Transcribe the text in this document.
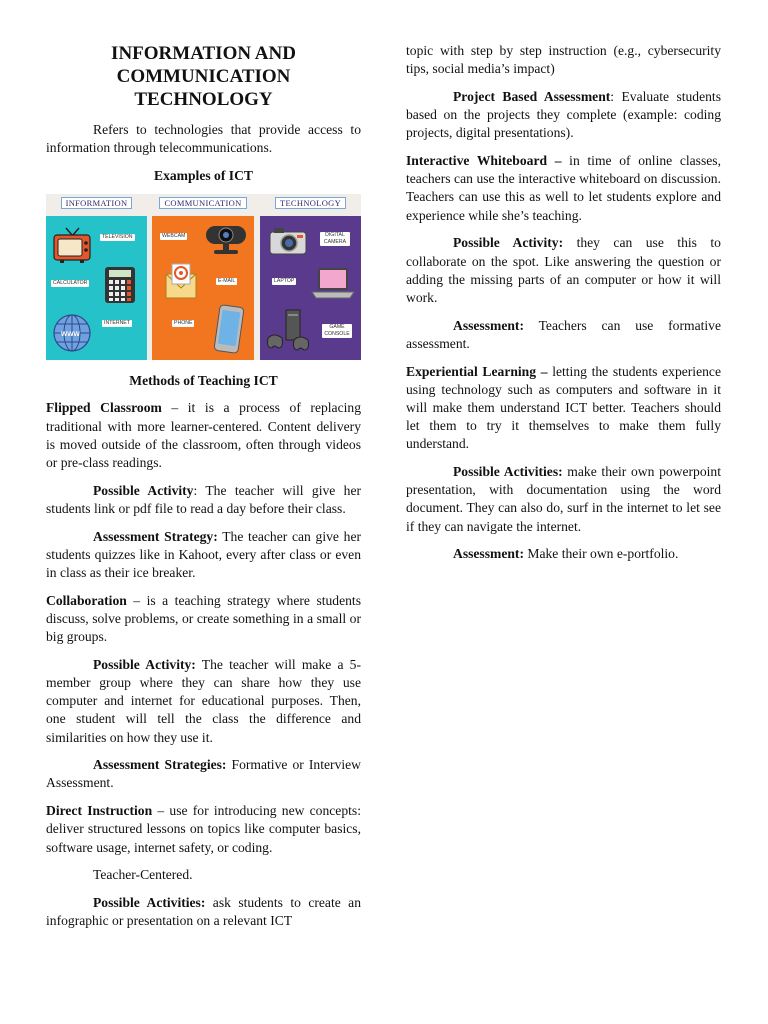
INFORMATION AND COMMUNICATION TECHNOLOGY

Refers to technologies that provide access to information through telecommunications.

Examples of ICT
INFORMATION	COMMUNICATION	TECHNOLOGY
TELEVISION
CALCULATOR
www
INTERNET
WEBCAM
E-MAIL
PHONE
DIGITAL CAMERA
LAPTOP
GAME CONSOLE
Methods of Teaching ICT

Flipped Classroom – it is a process of replacing traditional with more learner-centered. Content delivery is moved outside of the classroom, often through videos or pre-class readings.

Possible Activity: The teacher will give her students link or pdf file to read a day before their class.

Assessment Strategy: The teacher can give her students quizzes like in Kahoot, every after class or even in class as their ice breaker.

Collaboration – is a teaching strategy where students discuss, solve problems, or create something in a small or big groups.

Possible Activity: The teacher will make a 5-member group where they can share how they use computer and internet for educational purposes. Then, one student will tell the class the difference and similarities on how they use it.

Assessment Strategies: Formative or Interview Assessment.

Direct Instruction – use for introducing new concepts: deliver structured lessons on topics like computer basics, software usage, internet safety, or coding.

Teacher-Centered.

Possible Activities: ask students to create an infographic or presentation on a relevant ICT

topic with step by step instruction (e.g., cybersecurity tips, social media’s impact)

Project Based Assessment: Evaluate students based on the projects they complete (example: coding projects, digital presentations).

Interactive Whiteboard – in time of online classes, teachers can use the interactive whiteboard on discussion. Teachers can use this as well to let students explore and experience while she’s teaching.

Possible Activity: they can use this to collaborate on the spot. Like answering the question or adding the missing parts of an computer or how it will work.

Assessment: Teachers can use formative assessment.

Experiential Learning – letting the students experience using technology such as computers and software in it will make them understand ICT better. Teachers should let them to try it themselves to make them fully understand.

Possible Activities: make their own powerpoint presentation, with documentation using the word document. They can also do, surf in the internet to let see if they can navigate the internet.

Assessment: Make their own e-portfolio.
